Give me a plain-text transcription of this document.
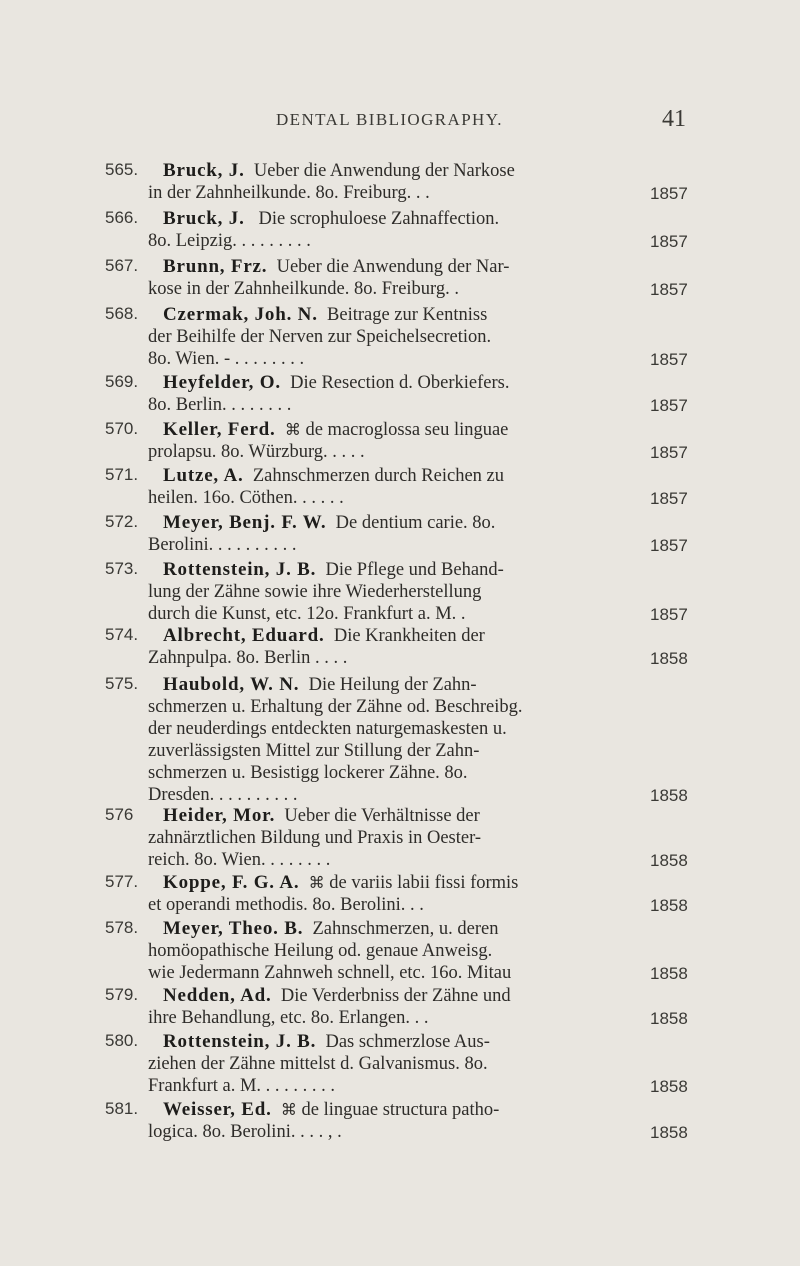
DENTAL BIBLIOGRAPHY.	41
565. Bruck, J. Ueber die Anwendung der Narkose
in der Zahnheilkunde. 8o. Freiburg. . .	1857
566. Bruck, J. Die scrophuloese Zahnaffection.
8o. Leipzig. . . . . . . . .	1857
567. Brunn, Frz. Ueber die Anwendung der Nar-
kose in der Zahnheilkunde. 8o. Freiburg. .	1857
568. Czermak, Joh. N. Beitrage zur Kentniss
der Beihilfe der Nerven zur Speichelsecretion.
8o. Wien. - . . . . . . . .	1857
569. Heyfelder, O. Die Resection d. Oberkiefers.
8o. Berlin. . . . . . . .	1857
570. Keller, Ferd. ⌘ de macroglossa seu linguae
prolapsu. 8o. Würzburg. . . . .	1857
571. Lutze, A. Zahnschmerzen durch Reichen zu
heilen. 16o. Cöthen. . . . . .	1857
572. Meyer, Benj. F. W. De dentium carie. 8o.
Berolini. . . . . . . . . .	1857
573. Rottenstein, J. B. Die Pflege und Behand-
lung der Zähne sowie ihre Wiederherstellung
durch die Kunst, etc. 12o. Frankfurt a. M. .	1857
574. Albrecht, Eduard. Die Krankheiten der
Zahnpulpa. 8o. Berlin . . . .	1858
575. Haubold, W. N. Die Heilung der Zahn-
schmerzen u. Erhaltung der Zähne od. Beschreibg.
der neuderdings entdeckten naturgemaskesten u.
zuverlässigsten Mittel zur Stillung der Zahn-
schmerzen u. Besistigg lockerer Zähne. 8o.
Dresden. . . . . . . . . .	1858
576 Heider, Mor. Ueber die Verhältnisse der
zahnärztlichen Bildung und Praxis in Oester-
reich. 8o. Wien. . . . . . . .	1858
577. Koppe, F. G. A. ⌘ de variis labii fissi formis
et operandi methodis. 8o. Berolini. . .	1858
578. Meyer, Theo. B. Zahnschmerzen, u. deren
homöopathische Heilung od. genaue Anweisg.
wie Jedermann Zahnweh schnell, etc. 16o. Mitau	1858
579. Nedden, Ad. Die Verderbniss der Zähne und
ihre Behandlung, etc. 8o. Erlangen. . .	1858
580. Rottenstein, J. B. Das schmerzlose Aus-
ziehen der Zähne mittelst d. Galvanismus. 8o.
Frankfurt a. M. . . . . . . . .	1858
581. Weisser, Ed. ⌘ de linguae structura patho-
logica. 8o. Berolini. . . . , .	1858
